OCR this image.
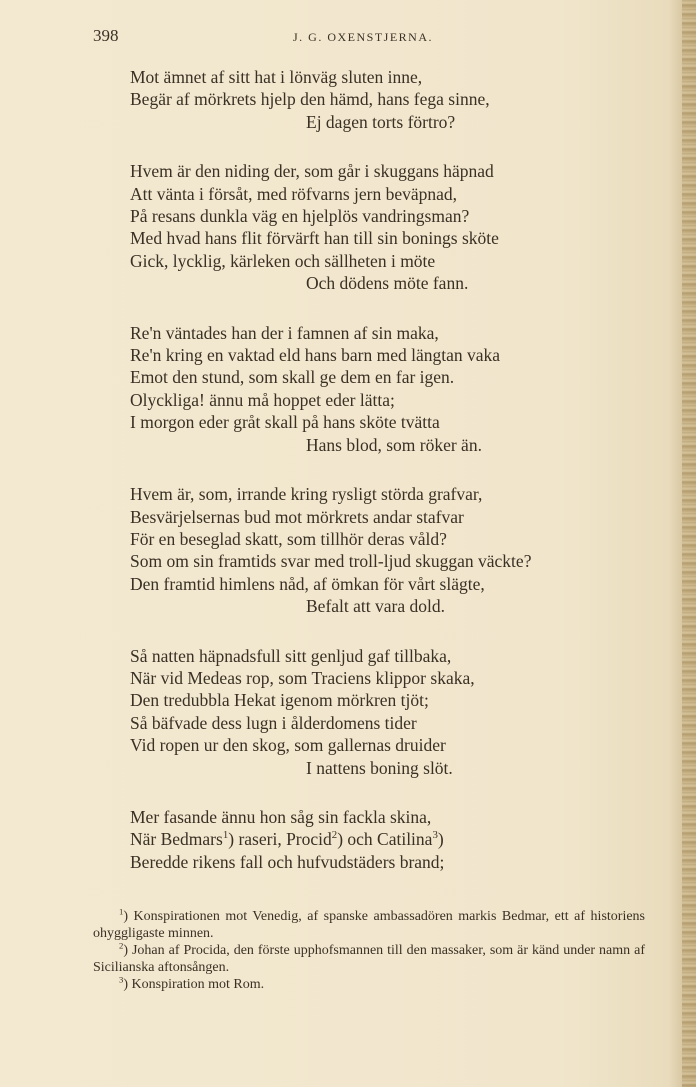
398	J. G. OXENSTJERNA.
Mot ämnet af sitt hat i lönväg sluten inne,
Begär af mörkrets hjelp den hämd, hans fega sinne,
Ej dagen torts förtro?
Hvem är den niding der, som går i skuggans häpnad
Att vänta i försåt, med röfvarns jern beväpnad,
På resans dunkla väg en hjelplös vandringsman?
Med hvad hans flit förvärft han till sin bonings sköte
Gick, lycklig, kärleken och sällheten i möte
Och dödens möte fann.
Re'n väntades han der i famnen af sin maka,
Re'n kring en vaktad eld hans barn med längtan vaka
Emot den stund, som skall ge dem en far igen.
Olyckliga! ännu må hoppet eder lätta;
I morgon eder gråt skall på hans sköte tvätta
Hans blod, som röker än.
Hvem är, som, irrande kring rysligt störda grafvar,
Besvärjelsernas bud mot mörkrets andar stafvar
För en beseglad skatt, som tillhör deras våld?
Som om sin framtids svar med troll-ljud skuggan väckte?
Den framtid himlens nåd, af ömkan för vårt slägte,
Befalt att vara dold.
Så natten häpnadsfull sitt genljud gaf tillbaka,
När vid Medeas rop, som Traciens klippor skaka,
Den tredubbla Hekat igenom mörkren tjöt;
Så bäfvade dess lugn i ålderdomens tider
Vid ropen ur den skog, som gallernas druider
I nattens boning slöt.
Mer fasande ännu hon såg sin fackla skina,
När Bedmars$^1$) raseri, Procid$^2$) och Catilina$^3$)
Beredde rikens fall och hufvudstäders brand;
$^1$) Konspirationen mot Venedig, af spanske ambassadören markis Bedmar, ett af historiens ohyggligaste minnen.
$^2$) Johan af Procida, den förste upphofsmannen till den massaker, som är känd under namn af Sicilianska aftonsången.
$^3$) Konspiration mot Rom.
